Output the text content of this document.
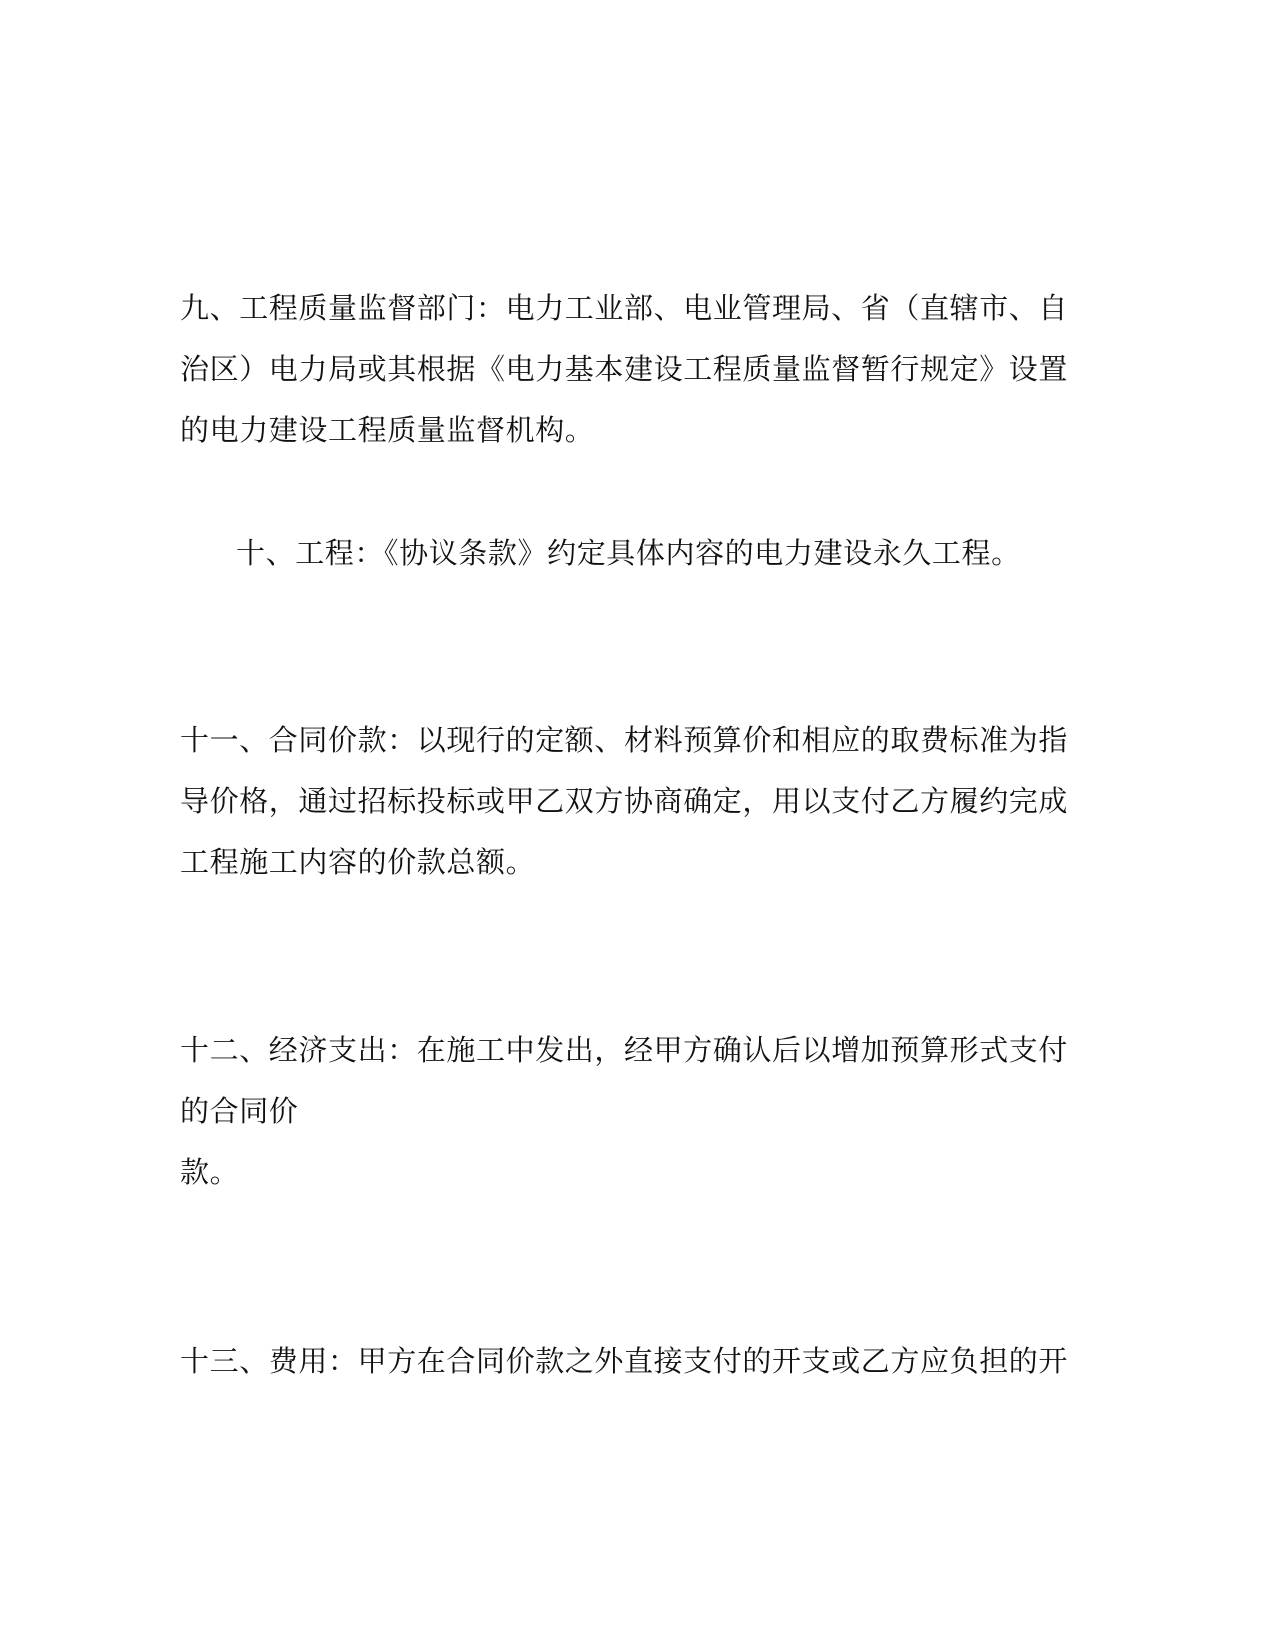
九、工程质量监督部门：电力工业部、电业管理局、省（直辖市、自

治区）电力局或其根据《电力基本建设工程质量监督暂行规定》设置

的电力建设工程质量监督机构。

十、工程：《协议条款》约定具体内容的电力建设永久工程。

十一、合同价款：以现行的定额、材料预算价和相应的取费标准为指

导价格，通过招标投标或甲乙双方协商确定，用以支付乙方履约完成

工程施工内容的价款总额。

十二、经济支出：在施工中发出，经甲方确认后以增加预算形式支付

的合同价

款。

十三、费用：甲方在合同价款之外直接支付的开支或乙方应负担的开
